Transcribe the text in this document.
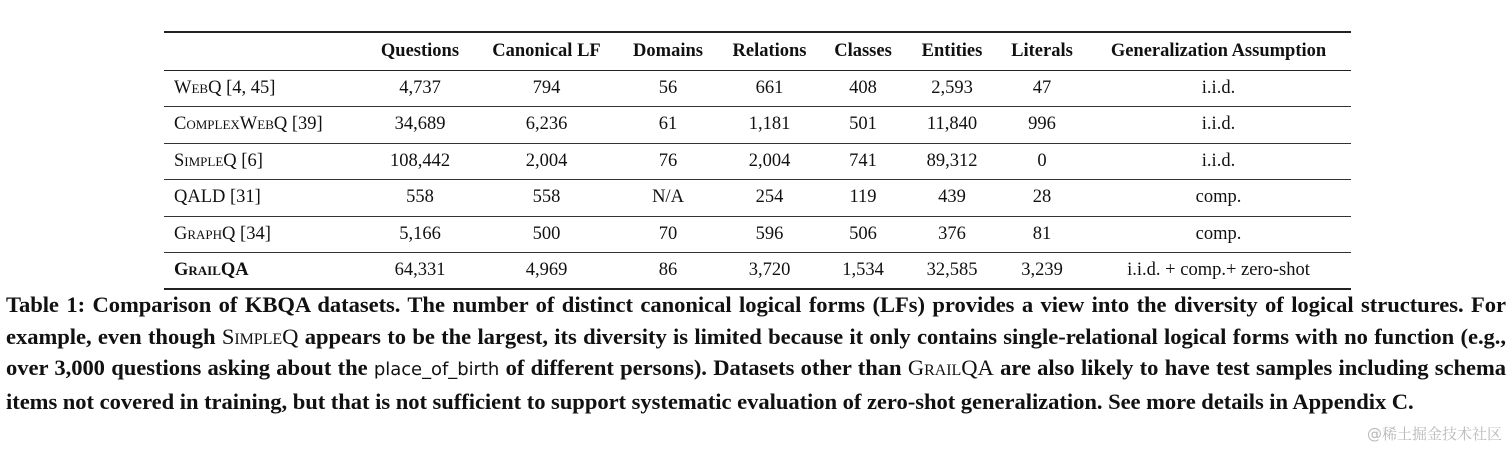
	Questions	Canonical LF	Domains	Relations	Classes	Entities	Literals	Generalization Assumption
WebQ [4, 45]	4,737	794	56	661	408	2,593	47	i.i.d.
ComplexWebQ [39]	34,689	6,236	61	1,181	501	11,840	996	i.i.d.
SimpleQ [6]	108,442	2,004	76	2,004	741	89,312	0	i.i.d.
QALD [31]	558	558	N/A	254	119	439	28	comp.
GraphQ [34]	5,166	500	70	596	506	376	81	comp.
GrailQA	64,331	4,969	86	3,720	1,534	32,585	3,239	i.i.d. + comp.+ zero-shot
Table 1: Comparison of KBQA datasets. The number of distinct canonical logical forms (LFs) provides a view into the diversity of logical structures. For example, even though SimpleQ appears to be the largest, its diversity is limited because it only contains single-relational logical forms with no function (e.g., over 3,000 questions asking about the place_of_birth of different persons). Datasets other than GrailQA are also likely to have test samples including schema items not covered in training, but that is not sufficient to support systematic evaluation of zero-shot generalization. See more details in Appendix C.
@稀土掘金技术社区
